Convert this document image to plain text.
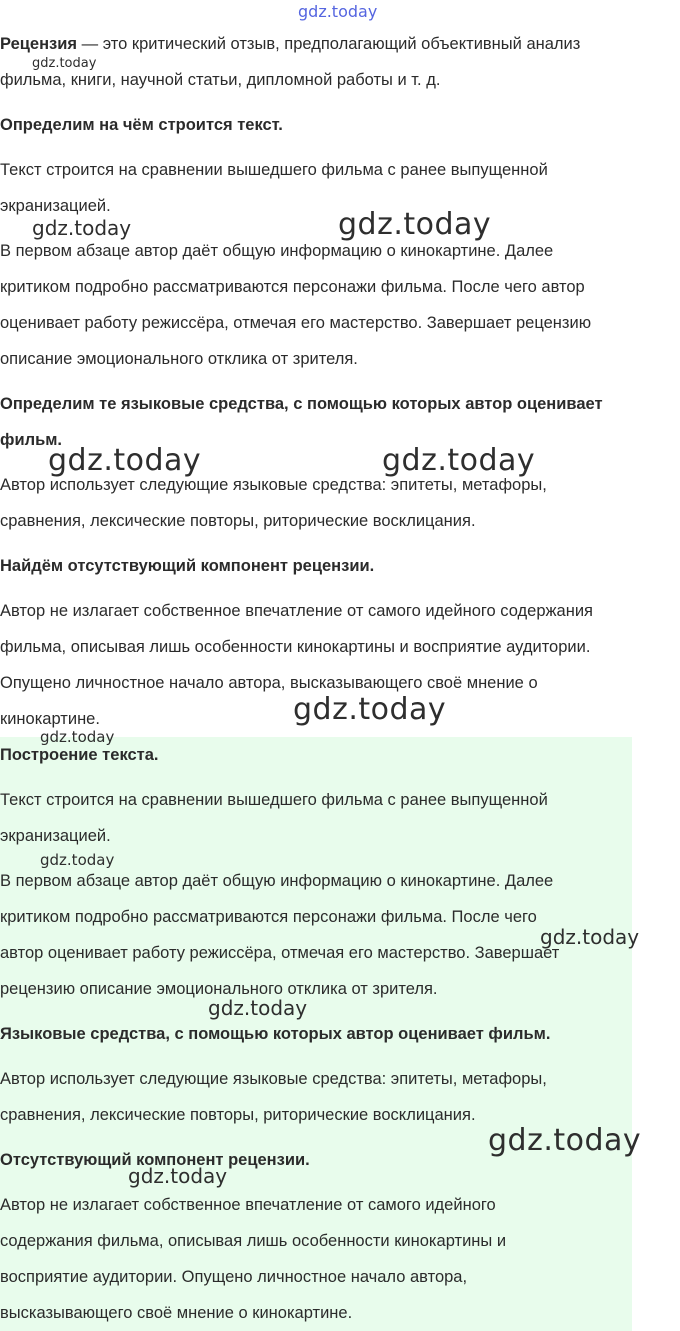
Рецензия — это критический отзыв, предполагающий объективный анализ

фильма, книги, научной статьи, дипломной работы и т. д.

Определим на чём строится текст.

Текст строится на сравнении вышедшего фильма с ранее выпущенной

экранизацией.

В первом абзаце автор даёт общую информацию о кинокартине. Далее

критиком подробно рассматриваются персонажи фильма. После чего автор

оценивает работу режиссёра, отмечая его мастерство. Завершает рецензию

описание эмоционального отклика от зрителя.

Определим те языковые средства, с помощью которых автор оценивает

фильм.

Автор использует следующие языковые средства: эпитеты, метафоры,

сравнения, лексические повторы, риторические восклицания.

Найдём отсутствующий компонент рецензии.

Автор не излагает собственное впечатление от самого идейного содержания

фильма, описывая лишь особенности кинокартины и восприятие аудитории.

Опущено личностное начало автора, высказывающего своё мнение о

кинокартине.

Построение текста.

Текст строится на сравнении вышедшего фильма с ранее выпущенной

экранизацией.

В первом абзаце автор даёт общую информацию о кинокартине. Далее

критиком подробно рассматриваются персонажи фильма. После чего

автор оценивает работу режиссёра, отмечая его мастерство. Завершает

рецензию описание эмоционального отклика от зрителя.

Языковые средства, с помощью которых автор оценивает фильм.

Автор использует следующие языковые средства: эпитеты, метафоры,

сравнения, лексические повторы, риторические восклицания.

Отсутствующий компонент рецензии.

Автор не излагает собственное впечатление от самого идейного

содержания фильма, описывая лишь особенности кинокартины и

восприятие аудитории. Опущено личностное начало автора,

высказывающего своё мнение о кинокартине.

gdz.today
gdz.today
gdz.today	gdz.today
gdz.today	gdz.today
gdz.today
gdz.today
gdz.today
gdz.today
gdz.today
gdz.today
gdz.today
